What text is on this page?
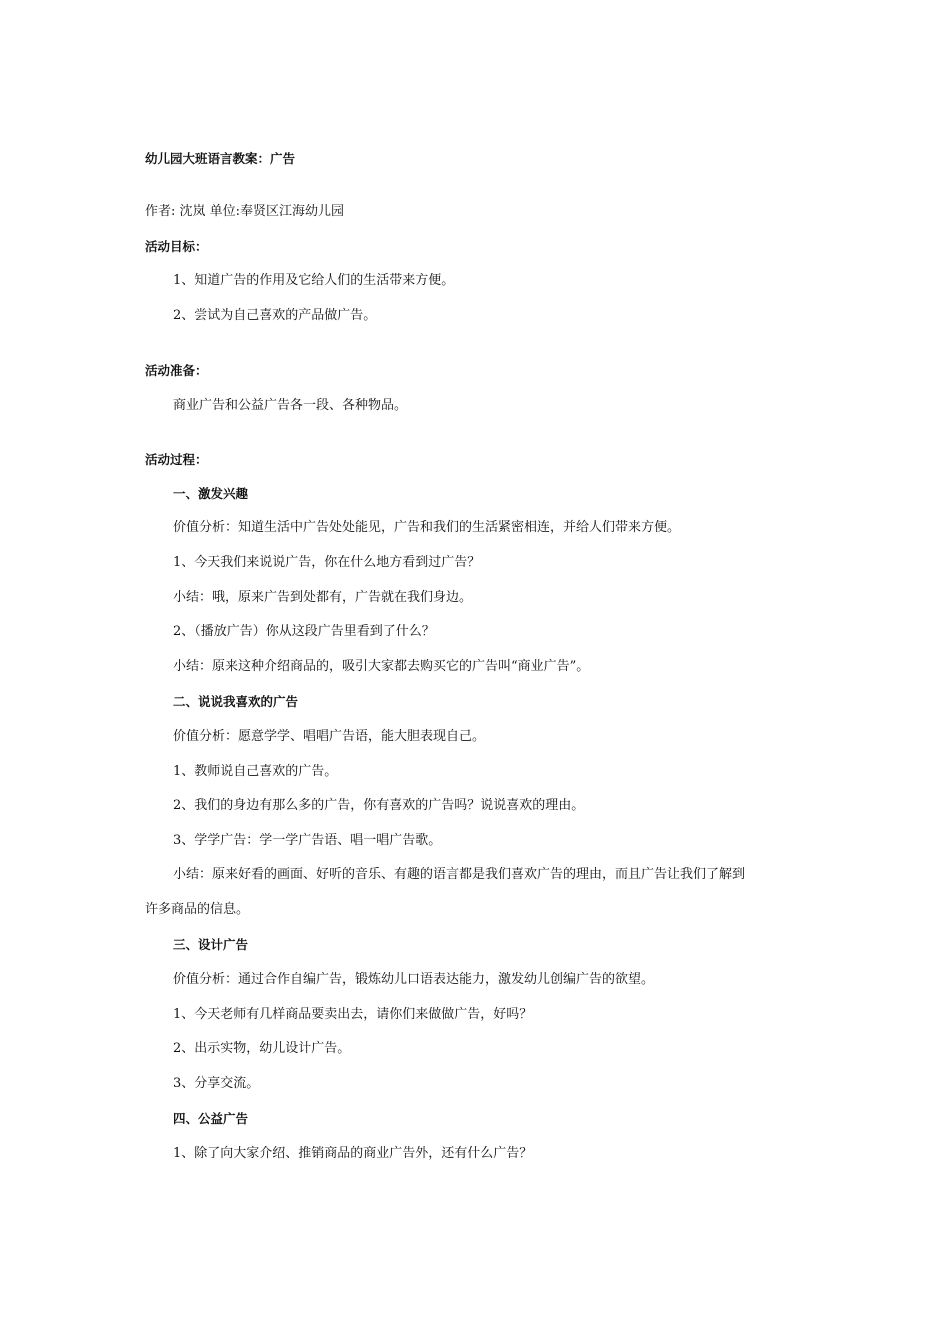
幼儿园大班语言教案：广告
作者: 沈岚 单位:奉贤区江海幼儿园
活动目标：
1、知道广告的作用及它给人们的生活带来方便。
2、尝试为自己喜欢的产品做广告。
活动准备：
商业广告和公益广告各一段、各种物品。
活动过程：
一、激发兴趣
价值分析：知道生活中广告处处能见，广告和我们的生活紧密相连，并给人们带来方便。
1、今天我们来说说广告，你在什么地方看到过广告？
小结：哦，原来广告到处都有，广告就在我们身边。
2、（播放广告）你从这段广告里看到了什么？
小结：原来这种介绍商品的，吸引大家都去购买它的广告叫“商业广告”。
二、说说我喜欢的广告
价值分析：愿意学学、唱唱广告语，能大胆表现自己。
1、教师说自己喜欢的广告。
2、我们的身边有那么多的广告，你有喜欢的广告吗？说说喜欢的理由。
3、学学广告：学一学广告语、唱一唱广告歌。
小结：原来好看的画面、好听的音乐、有趣的语言都是我们喜欢广告的理由，而且广告让我们了解到
许多商品的信息。
三、设计广告
价值分析：通过合作自编广告，锻炼幼儿口语表达能力，激发幼儿创编广告的欲望。
1、今天老师有几样商品要卖出去，请你们来做做广告，好吗？
2、出示实物，幼儿设计广告。
3、分享交流。
四、公益广告
1、除了向大家介绍、推销商品的商业广告外，还有什么广告？
